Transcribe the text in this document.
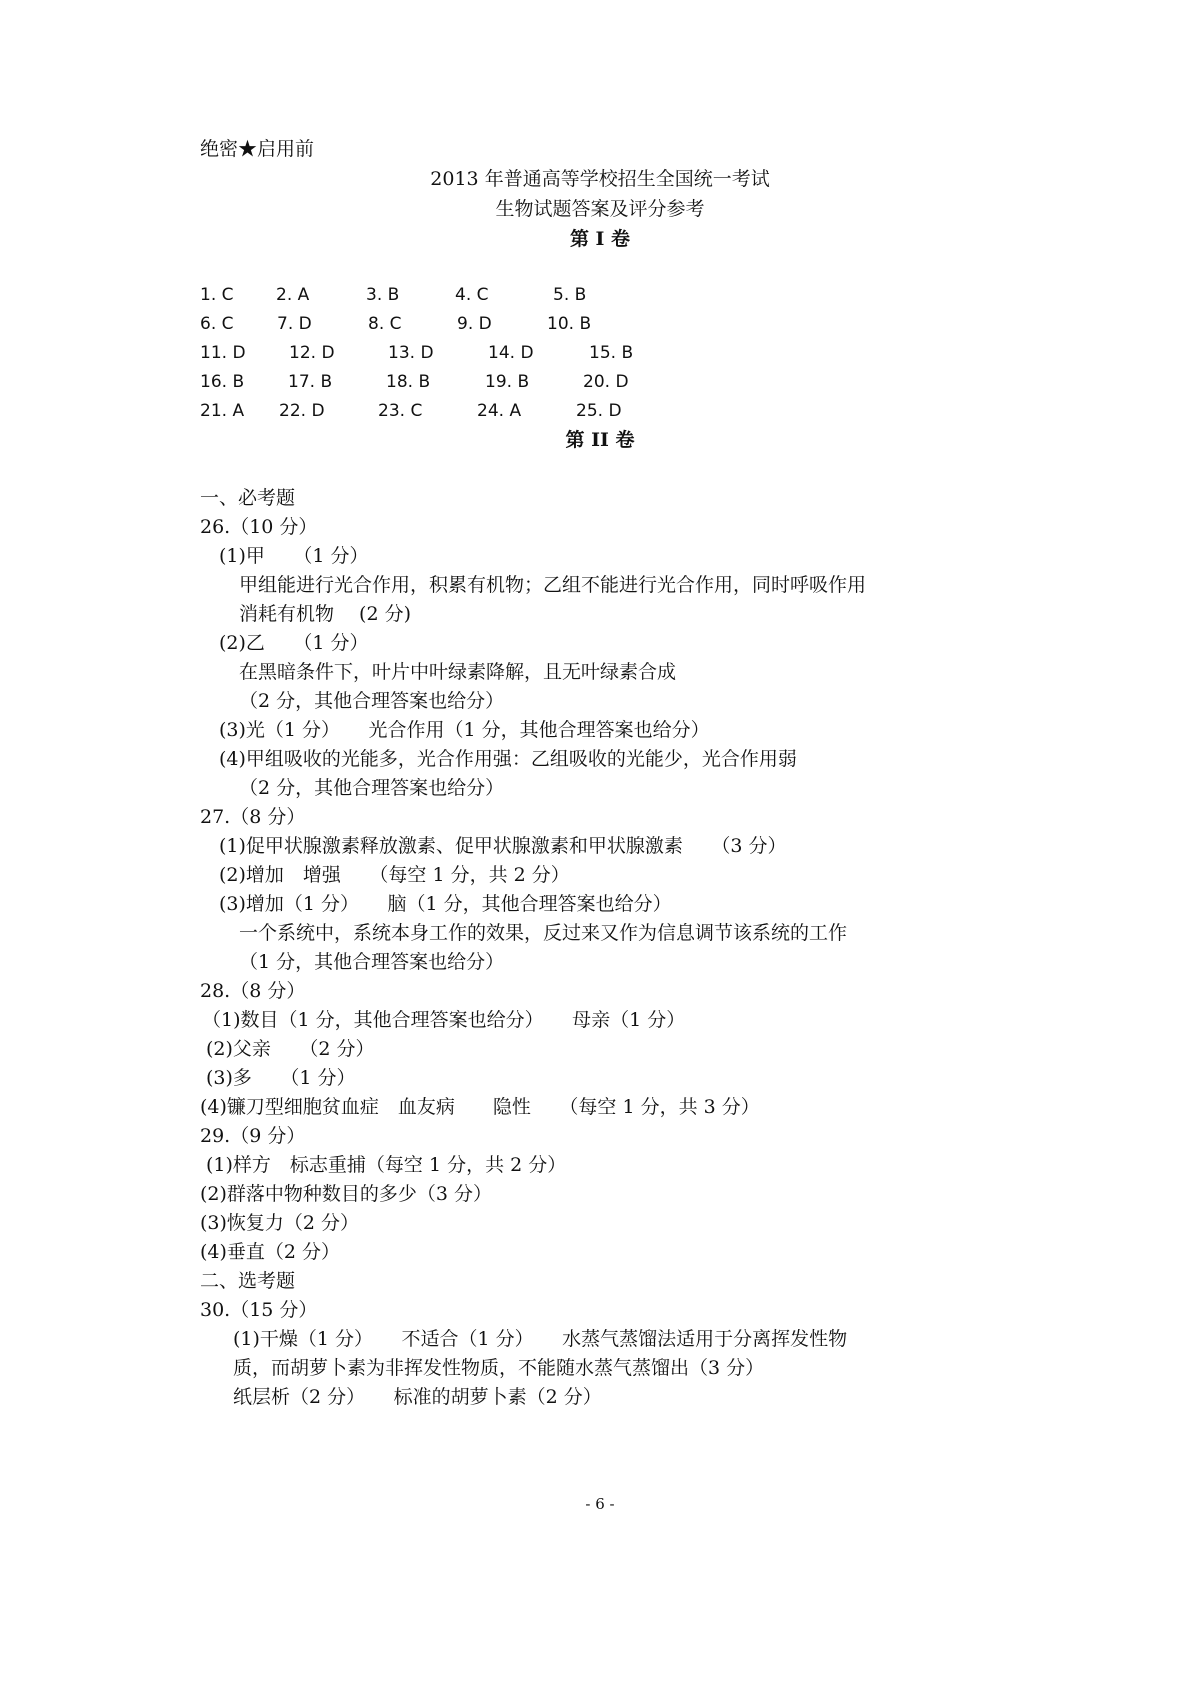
绝密★启用前
2013 年普通高等学校招生全国统一考试
生物试题答案及评分参考
第 I 卷
1. C	2. A	3. B	4. C	5. B
6. C	7. D	8. C	9. D	10. B
11. D	12. D	13. D	14. D	15. B
16. B	17. B	18. B	19. B	20. D
21. A 22. D	23. C	24. A	25. D
第 II 卷
一、必考题
26.（10 分）
(1)甲　　（1 分）
甲组能进行光合作用，积累有机物；乙组不能进行光合作用，同时呼吸作用
消耗有机物　 (2 分)
(2)乙　　（1 分）
在黑暗条件下，叶片中叶绿素降解，且无叶绿素合成
（2 分，其他合理答案也给分）
(3)光（1 分）　　光合作用（1 分，其他合理答案也给分）
(4)甲组吸收的光能多，光合作用强：乙组吸收的光能少，光合作用弱
（2 分，其他合理答案也给分）
27.（8 分）
(1)促甲状腺激素释放激素、促甲状腺激素和甲状腺激素　　（3 分）
(2)增加　增强　　（每空 1 分，共 2 分）
(3)增加（1 分）　　脑（1 分，其他合理答案也给分）
一个系统中，系统本身工作的效果，反过来又作为信息调节该系统的工作
（1 分，其他合理答案也给分）
28.（8 分）
（1)数目（1 分，其他合理答案也给分）　　母亲（1 分）
(2)父亲　　（2 分）
(3)多　　（1 分）
(4)镰刀型细胞贫血症　血友病　　隐性　　（每空 1 分，共 3 分）
29.（9 分）
(1)样方　标志重捕（每空 1 分，共 2 分）
(2)群落中物种数目的多少（3 分）
(3)恢复力（2 分）
(4)垂直（2 分）
二、选考题
30.（15 分）
(1)干燥（1 分）　　不适合（1 分）　　水蒸气蒸馏法适用于分离挥发性物
质，而胡萝卜素为非挥发性物质，不能随水蒸气蒸馏出（3 分）
纸层析（2 分）　　标准的胡萝卜素（2 分）
- 6 -
